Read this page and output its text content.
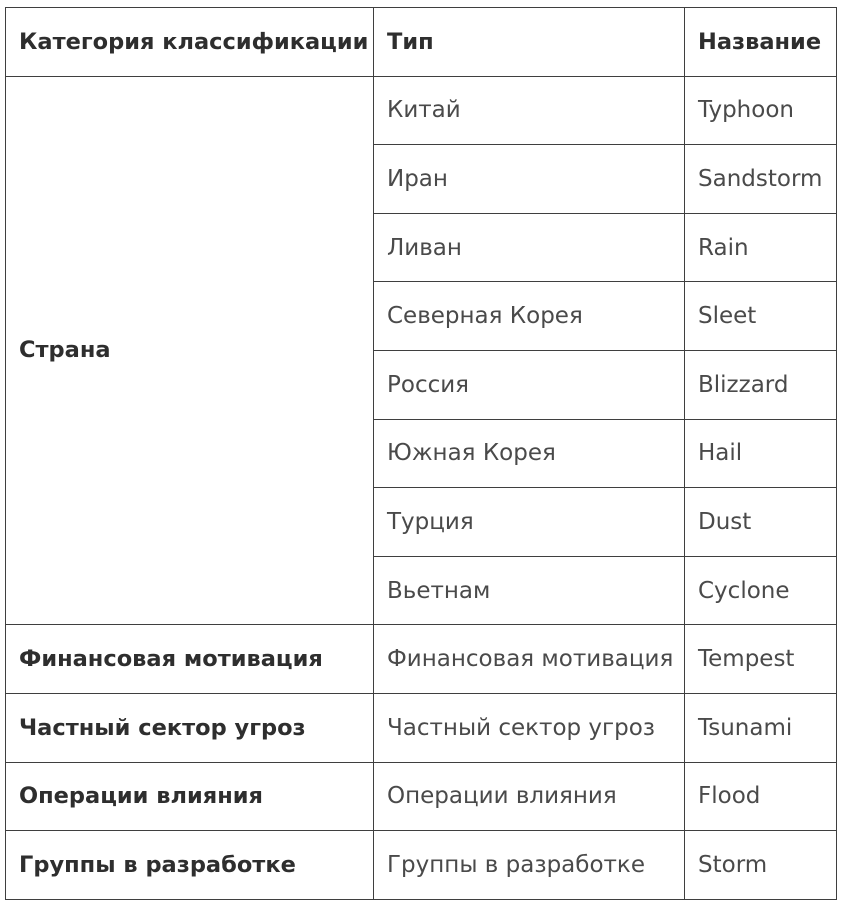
Категория классификации	Тип	Название
Страна	Китай	Typhoon
	Иран	Sandstorm
	Ливан	Rain
	Северная Корея	Sleet
	Россия	Blizzard
	Южная Корея	Hail
	Турция	Dust
	Вьетнам	Cyclone
Финансовая мотивация	Финансовая мотивация	Tempest
Частный сектор угроз	Частный сектор угроз	Tsunami
Операции влияния	Операции влияния	Flood
Группы в разработке	Группы в разработке	Storm
